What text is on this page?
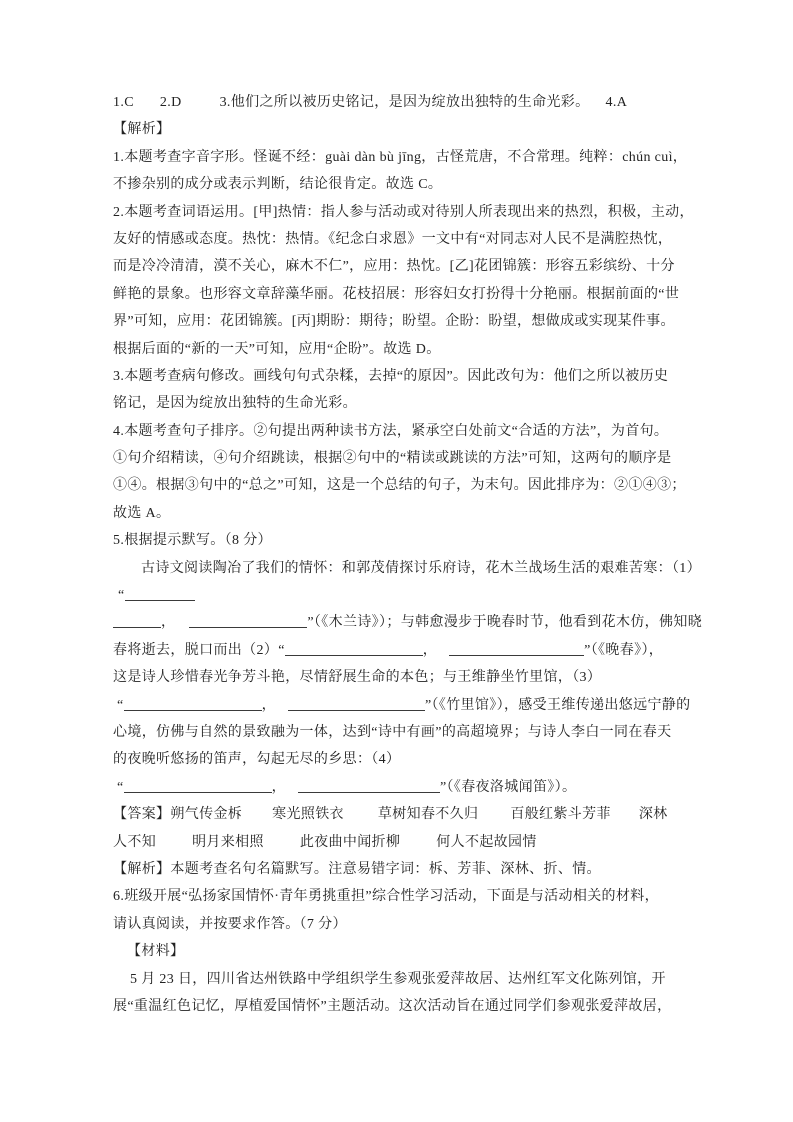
1.C 2.D	3.他们之所以被历史铭记，是因为绽放出独特的生命光彩。 4.A
【解析】
1.本题考查字音字形。怪诞不经：guài dàn bù jīng，古怪荒唐，不合常理。纯粹：chún cuì，
不掺杂别的成分或表示判断，结论很肯定。故选 C。
2.本题考查词语运用。[甲]热情：指人参与活动或对待别人所表现出来的热烈，积极，主动，
友好的情感或态度。热忱：热情。《纪念白求恩》一文中有“对同志对人民不是满腔热忱，
而是冷冷清清，漠不关心，麻木不仁”，应用：热忱。[乙]花团锦簇：形容五彩缤纷、十分
鲜艳的景象。也形容文章辞藻华丽。花枝招展：形容妇女打扮得十分艳丽。根据前面的“世
界”可知，应用：花团锦簇。[丙]期盼：期待；盼望。企盼：盼望，想做成或实现某件事。
根据后面的“新的一天”可知，应用“企盼”。故选 D。
3.本题考查病句修改。画线句句式杂糅，去掉“的原因”。因此改句为：他们之所以被历史
铭记，是因为绽放出独特的生命光彩。
4.本题考查句子排序。②句提出两种读书方法，紧承空白处前文“合适的方法”，为首句。
①句介绍精读，④句介绍跳读，根据②句中的“精读或跳读的方法”可知，这两句的顺序是
①④。根据③句中的“总之”可知，这是一个总结的句子，为末句。因此排序为：②①④③；
故选 A。
5.根据提示默写。（8 分）
古诗文阅读陶冶了我们的情怀：和郭茂倩探讨乐府诗，花木兰战场生活的艰难苦寒：（1）
“
，	”（《木兰诗》）；与韩愈漫步于晚春时节，他看到花木仿，佛知晓
春将逝去，脱口而出（2）“	，	”（《晚春》），
这是诗人珍惜春光争芳斗艳，尽情舒展生命的本色；与王维静坐竹里馆，（3）
“	，	”（《竹里馆》），感受王维传递出悠远宁静的
心境，仿佛与自然的景致融为一体，达到“诗中有画”的高超境界；与诗人李白一同在春天
的夜晚听悠扬的笛声，勾起无尽的乡思：（4）
“	，	”（《春夜洛城闻笛》）。
【答案】朔气传金柝 寒光照铁衣 草树知春不久归 百般红紫斗芳菲 深林
人不知	明月来相照	此夜曲中闻折柳	何人不起故园情
【解析】本题考查名句名篇默写。注意易错字词：柝、芳菲、深林、折、情。
6.班级开展“弘扬家国情怀·青年勇挑重担”综合性学习活动，下面是与活动相关的材料，
请认真阅读，并按要求作答。（7 分）
【材料】
5 月 23 日，四川省达州铁路中学组织学生参观张爱萍故居、达州红军文化陈列馆，开
展“重温红色记忆，厚植爱国情怀”主题活动。这次活动旨在通过同学们参观张爱萍故居，
